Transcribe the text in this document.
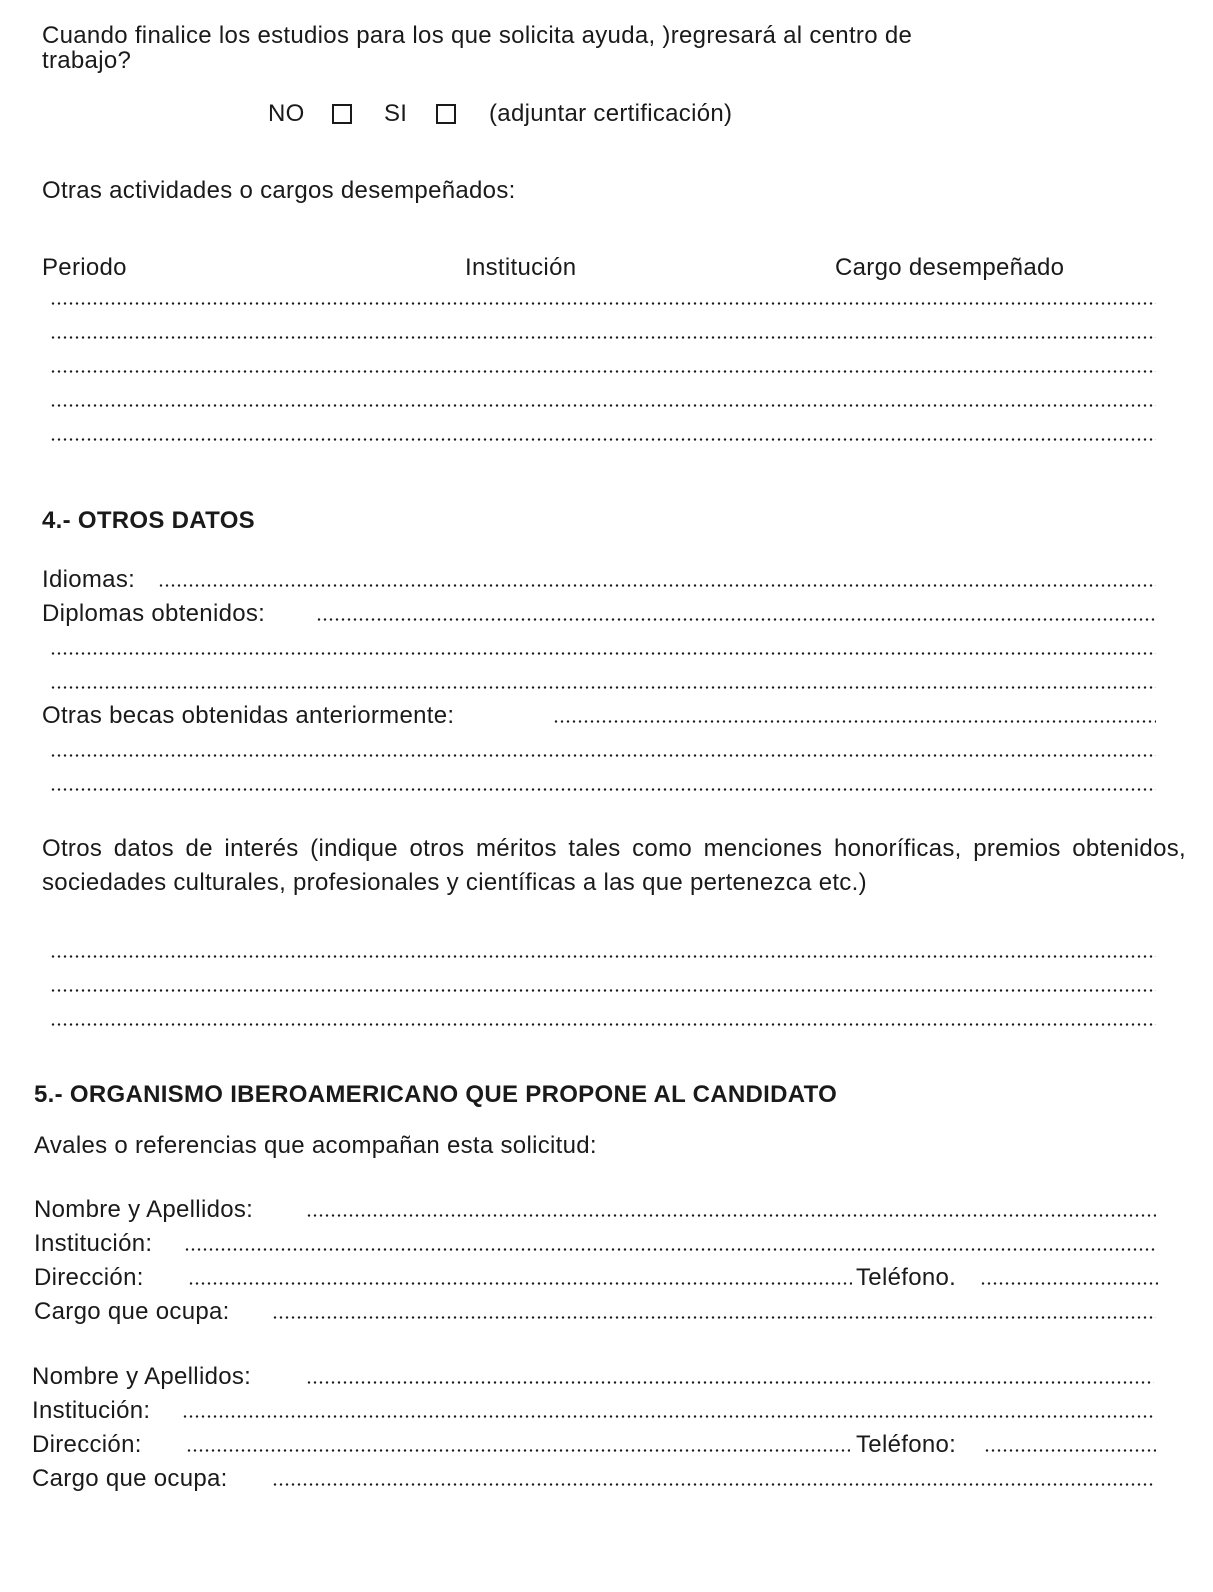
Cuando finalice los estudios para los que solicita ayuda, )regresará al centro de
trabajo?
NO	SI	(adjuntar certificación)
Otras actividades o cargos desempeñados:
Periodo	Institución	Cargo desempeñado
4.- OTROS DATOS
Idiomas:
Diplomas obtenidos:
Otras becas obtenidas anteriormente:
Otros datos de interés (indique otros méritos tales como menciones honoríficas, premios obtenidos, sociedades culturales, profesionales y científicas a las que pertenezca etc.)
5.- ORGANISMO IBEROAMERICANO QUE PROPONE AL CANDIDATO
Avales o referencias que acompañan esta solicitud:
Nombre y Apellidos:
Institución:
Dirección:	Teléfono.
Cargo que ocupa:
Nombre y Apellidos:
Institución:
Dirección:	Teléfono:
Cargo que ocupa:
